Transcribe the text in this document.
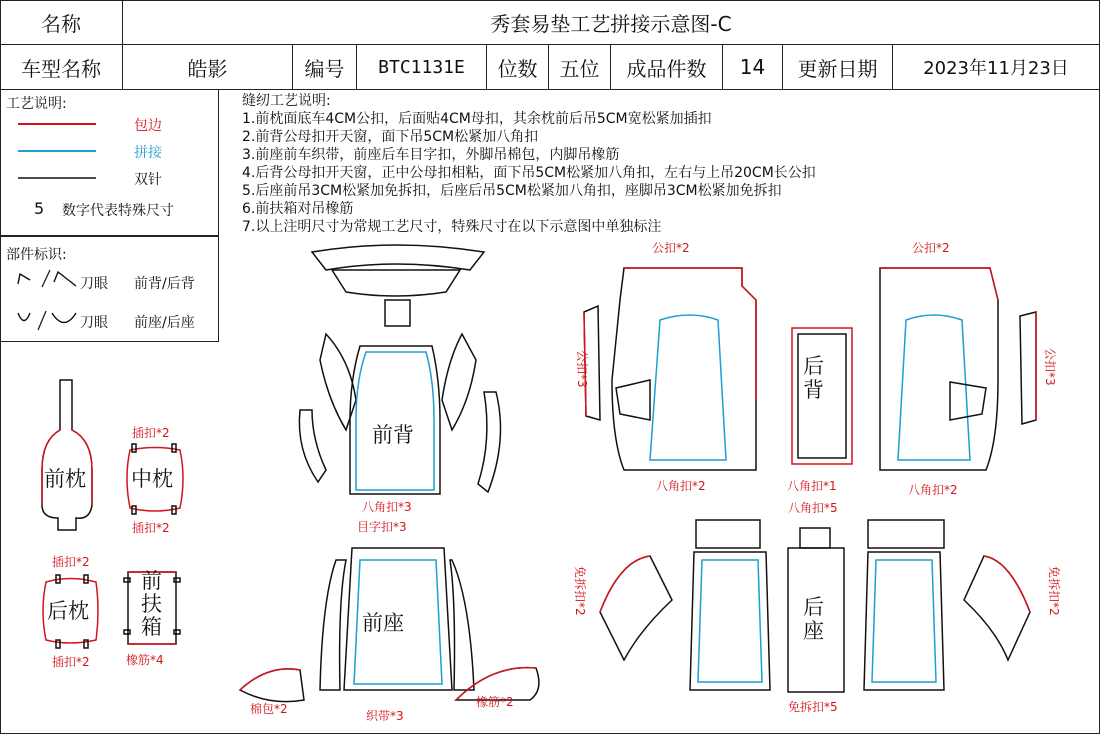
名称	秀套易垫工艺拼接示意图-C
车型名称	皓影	编号 BTC1131E 位数 五位 成品件数 14 更新日期	2023年11月23日
工艺说明:
包边
拼接
双针
5 数字代表特殊尺寸
部件标识:
刀眼 前背/后背
刀眼 前座/后座
缝纫工艺说明:
1.前枕面底车4CM公扣，后面贴4CM母扣，其余枕前后吊5CM宽松紧加插扣
2.前背公母扣开天窗，面下吊5CM松紧加八角扣
3.前座前车织带，前座后车目字扣，外脚吊棉包，内脚吊橡筋
4.后背公母扣开天窗，正中公母扣相粘，面下吊5CM松紧加八角扣，左右与上吊20CM长公扣
5.后座前吊3CM松紧加免拆扣，后座后吊5CM松紧加八角扣，座脚吊3CM松紧加免拆扣
6.前扶箱对吊橡筋
7.以上注明尺寸为常规工艺尺寸，特殊尺寸在以下示意图中单独标注
前枕 中枕
插扣*2
插扣*2
后枕
插扣*2
插扣*2
前
扶
箱
橡筋*4
前背
八角扣*3
前座
目字扣*3
织带*3
棉包*2	橡筋*2
公扣*2
公扣*3
八角扣*2
后
背
八角扣*1
公扣*2
公扣*3
八角扣*2
后
座
八角扣*5
免拆扣*5
免拆扣*2	免拆扣*2
